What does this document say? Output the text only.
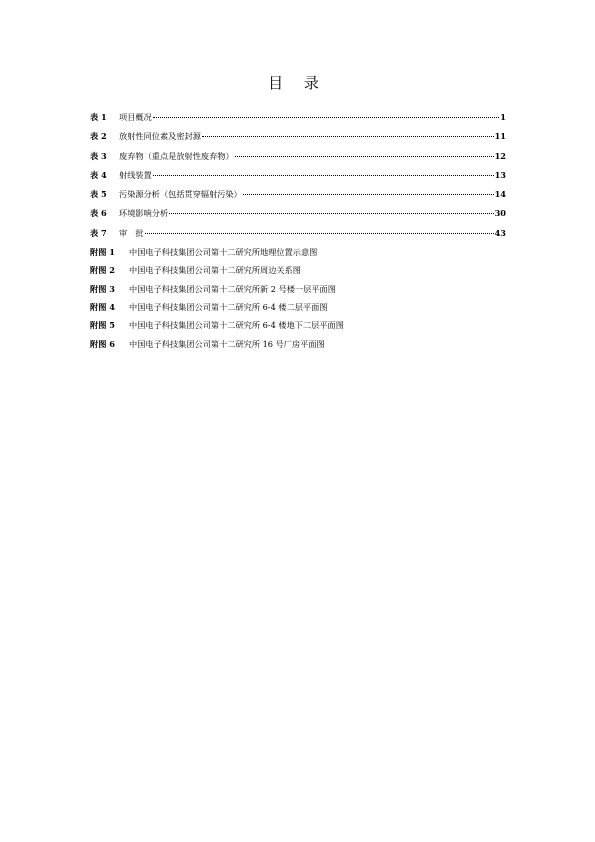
目 录
表 1	项目概况	1
表 2	放射性同位素及密封源	11
表 3	废弃物（重点是放射性废弃物）	12
表 4	射线装置	13
表 5	污染源分析（包括贯穿辐射污染）	14
表 6	环境影响分析	30
表 7	审　批	43
附图 1	中国电子科技集团公司第十二研究所地理位置示意图
附图 2	中国电子科技集团公司第十二研究所周边关系图
附图 3	中国电子科技集团公司第十二研究所新 2 号楼一层平面图
附图 4	中国电子科技集团公司第十二研究所 6-4 楼二层平面图
附图 5	中国电子科技集团公司第十二研究所 6-4 楼地下二层平面图
附图 6	中国电子科技集团公司第十二研究所 16 号厂房平面图
